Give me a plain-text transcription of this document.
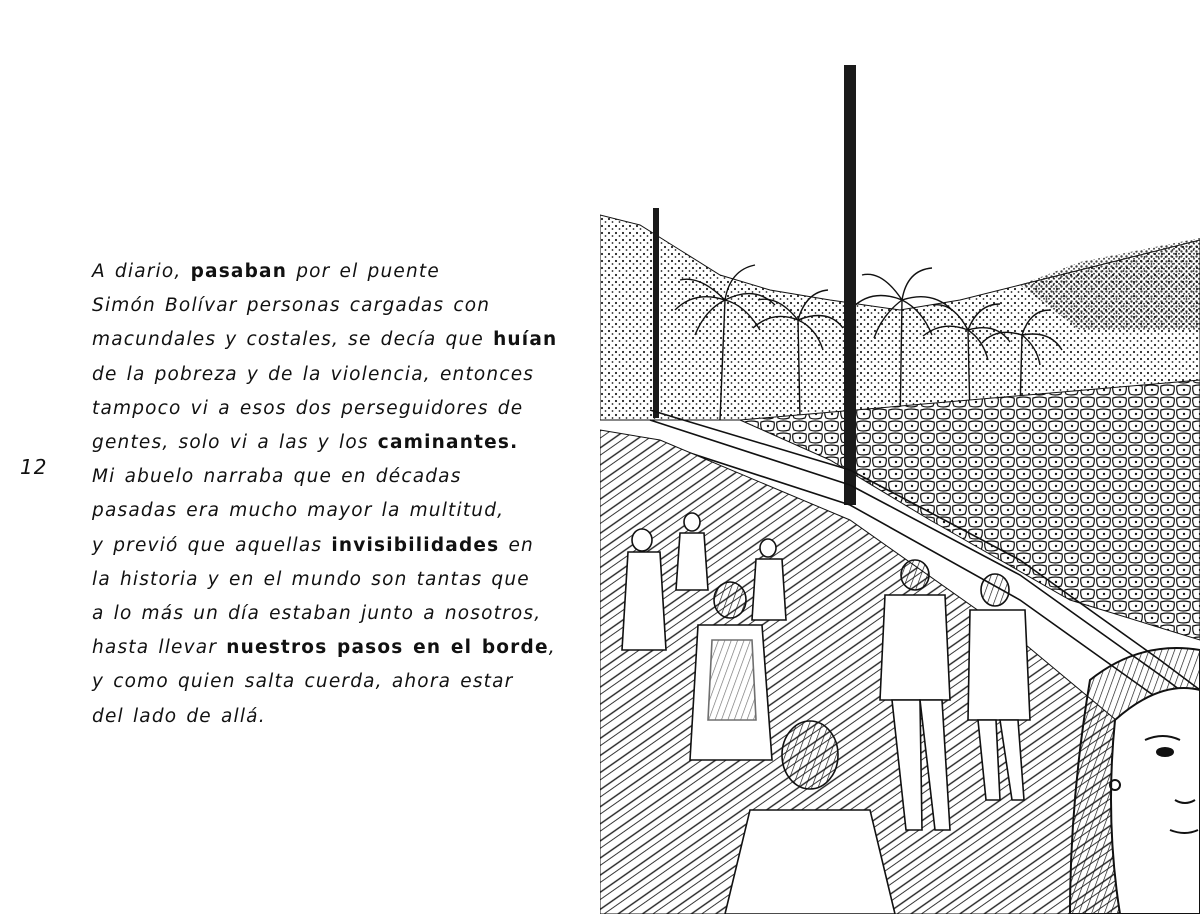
12
A diario, pasaban por el puente
Simón Bolívar personas cargadas con
macundales y costales, se decía que huían
de la pobreza y de la violencia, entonces
tampoco vi a esos dos perseguidores de
gentes, solo vi a las y los caminantes.
Mi abuelo narraba que en décadas
pasadas era mucho mayor la multitud,
y previó que aquellas invisibilidades en
la historia y en el mundo son tantas que
a lo más un día estaban junto a nosotros,
hasta llevar nuestros pasos en el borde,
y como quien salta cuerda, ahora estar
del lado de allá.
